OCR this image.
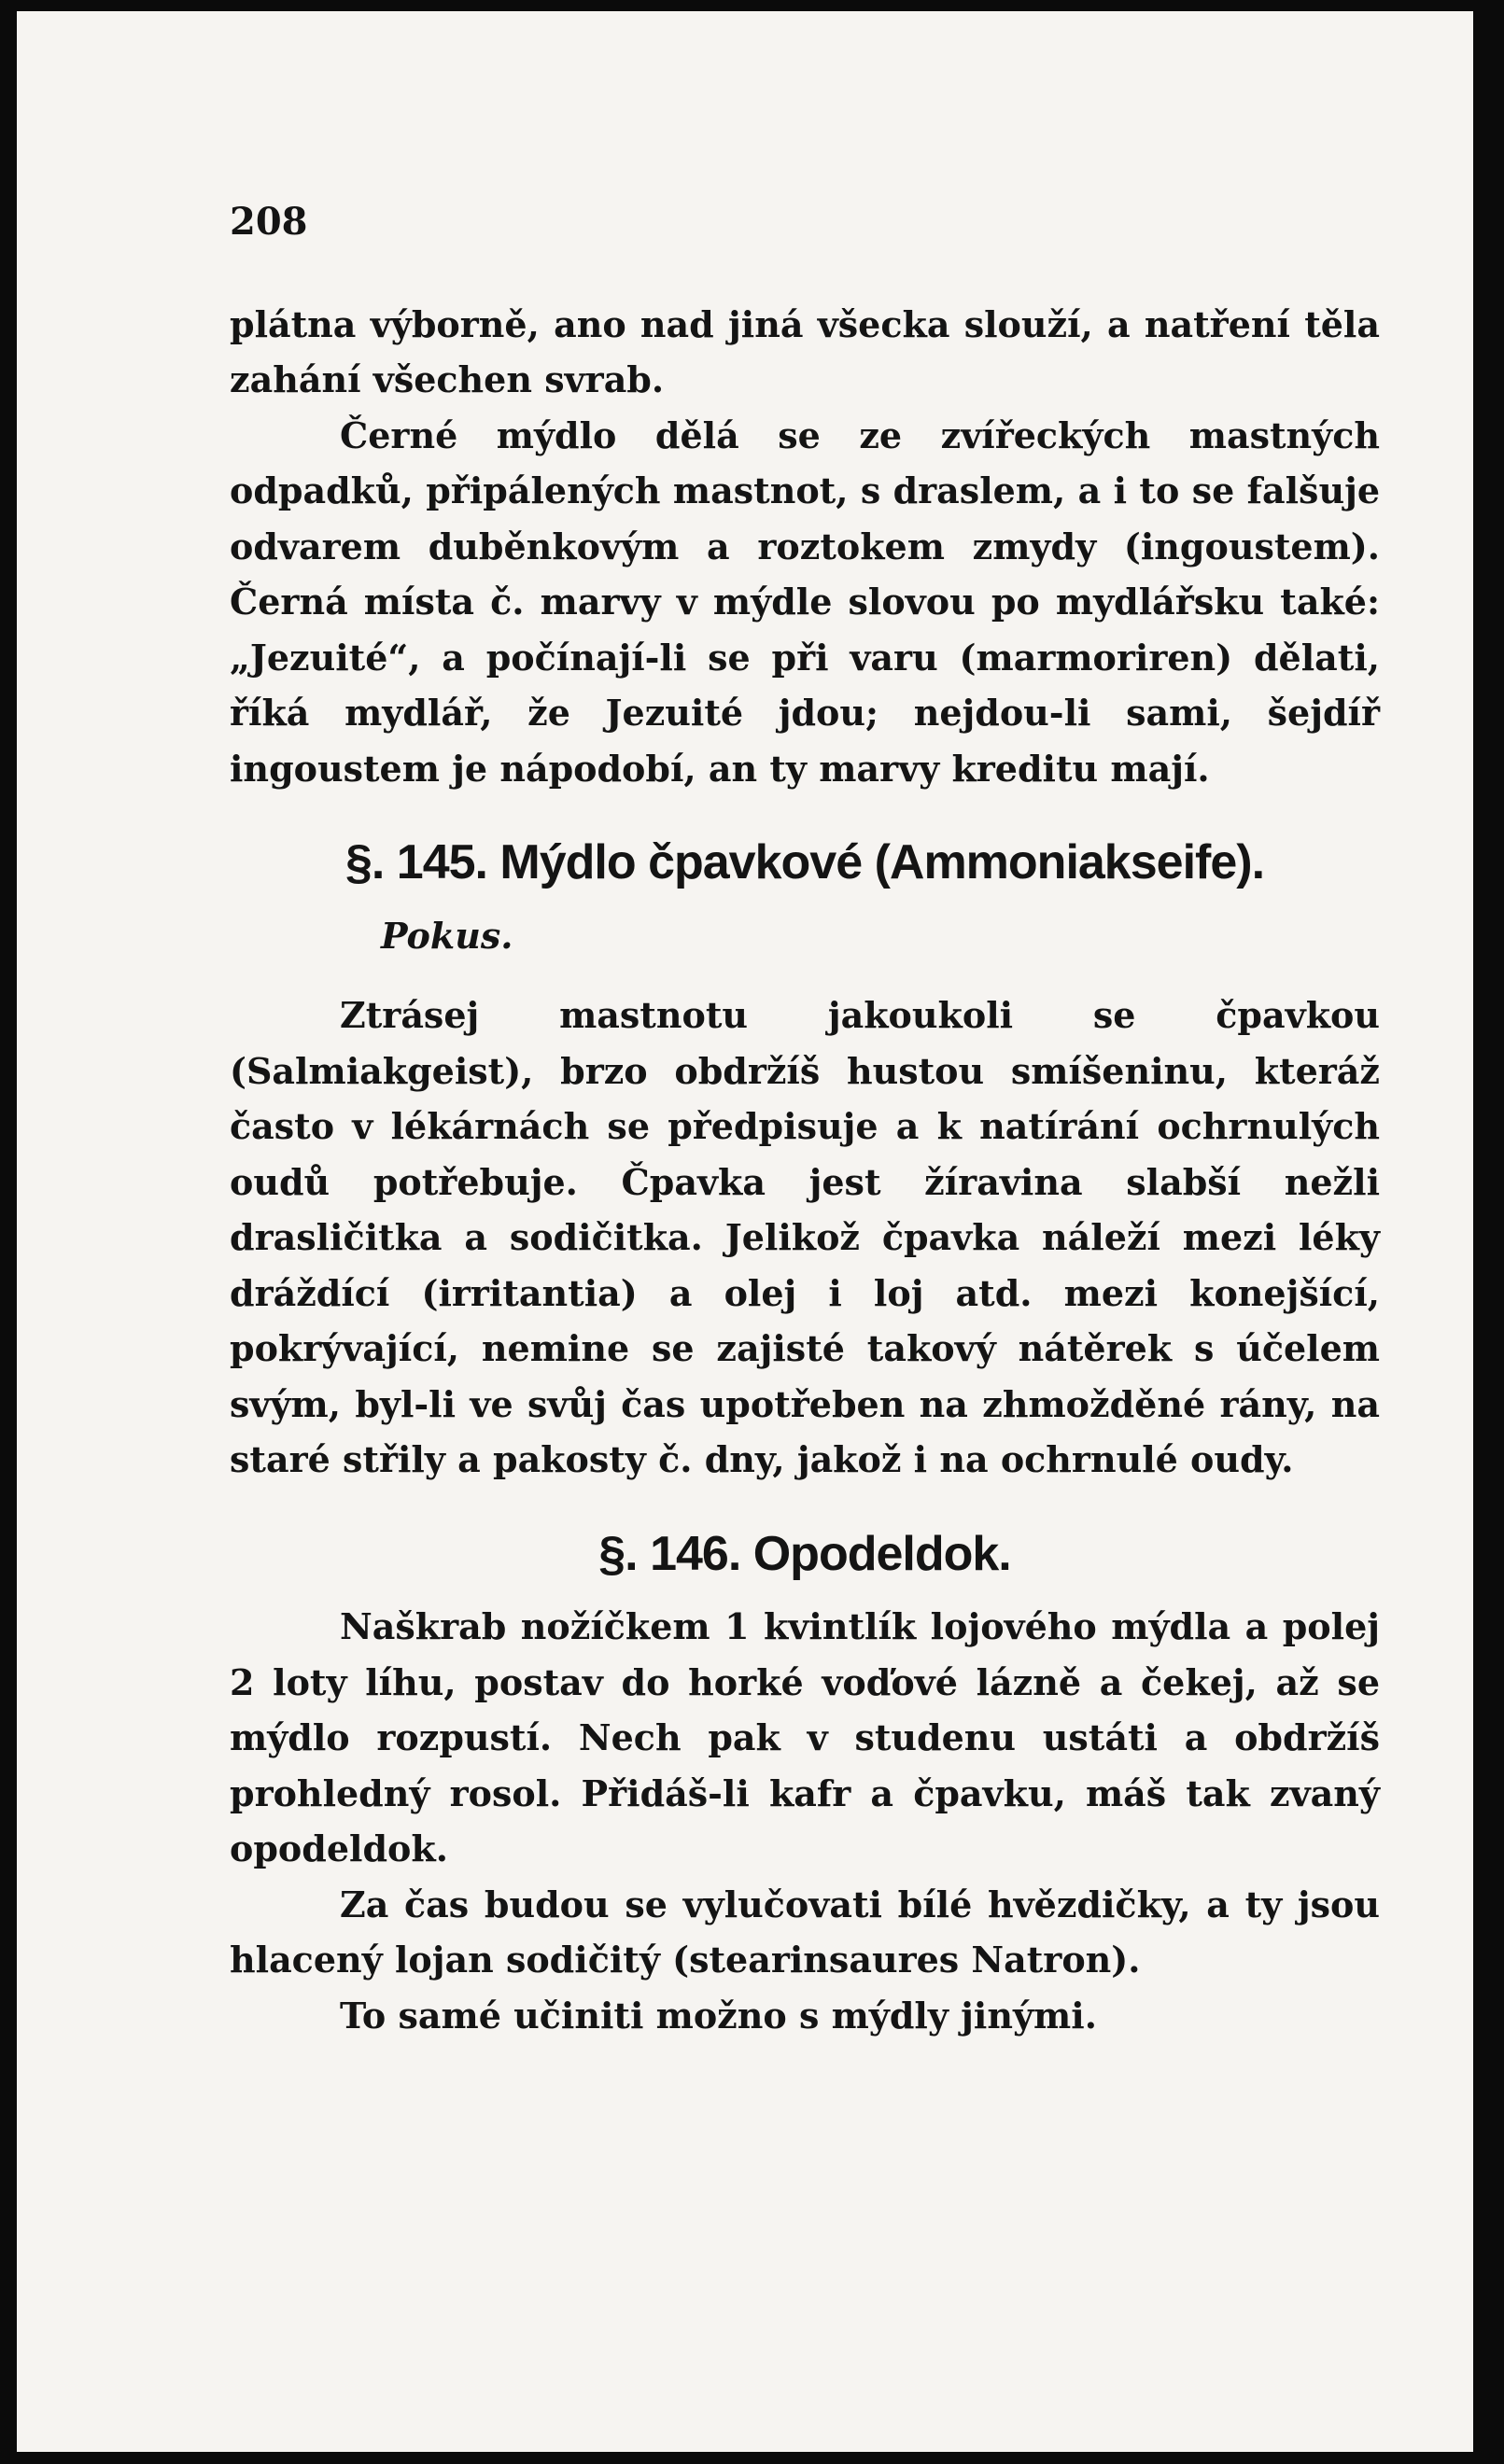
208

plátna výborně, ano nad jiná všecka slouží, a natření těla zahání všechen svrab.

Černé mýdlo dělá se ze zvířeckých mastných odpadků, připálených mastnot, s draslem, a i to se falšuje odvarem duběnkovým a roztokem zmydy (ingoustem). Černá místa č. marvy v mýdle slovou po mydlářsku také: „Jezuité“, a počínají-li se při varu (marmoriren) dělati, říká mydlář, že Jezuité jdou; nejdou-li sami, šejdíř ingoustem je nápodobí, an ty marvy kreditu mají.

§. 145. Mýdlo čpavkové (Ammoniakseife).
Pokus.

Ztrásej mastnotu jakoukoli se čpavkou (Salmiakgeist), brzo obdržíš hustou smíšeninu, kteráž často v lékárnách se předpisuje a k natírání ochrnulých oudů potřebuje. Čpavka jest žíravina slabší nežli drasličitka a sodičitka. Jelikož čpavka náleží mezi léky dráždící (irritantia) a olej i loj atd. mezi konejšící, pokrývající, nemine se zajisté takový nátěrek s účelem svým, byl-li ve svůj čas upotřeben na zhmožděné rány, na staré střily a pakosty č. dny, jakož i na ochrnulé oudy.

§. 146. Opodeldok.

Naškrab nožíčkem 1 kvintlík lojového mýdla a polej 2 loty líhu, postav do horké voďové lázně a čekej, až se mýdlo rozpustí. Nech pak v studenu ustáti a obdržíš prohledný rosol. Přidáš-li kafr a čpavku, máš tak zvaný opodeldok.

Za čas budou se vylučovati bílé hvězdičky, a ty jsou hlacený lojan sodičitý (stearinsaures Natron).

To samé učiniti možno s mýdly jinými.
